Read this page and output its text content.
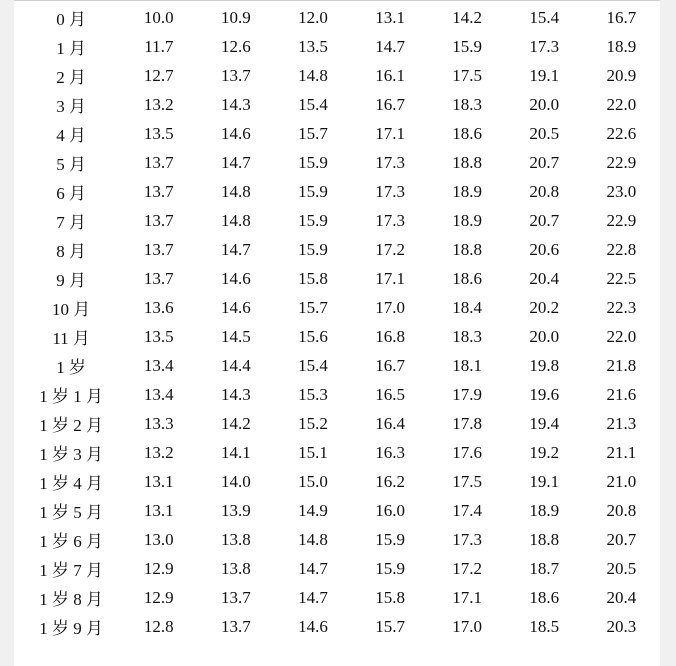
0 月	10.0	10.9	12.0	13.1	14.2	15.4	16.7
1 月	11.7	12.6	13.5	14.7	15.9	17.3	18.9
2 月	12.7	13.7	14.8	16.1	17.5	19.1	20.9
3 月	13.2	14.3	15.4	16.7	18.3	20.0	22.0
4 月	13.5	14.6	15.7	17.1	18.6	20.5	22.6
5 月	13.7	14.7	15.9	17.3	18.8	20.7	22.9
6 月	13.7	14.8	15.9	17.3	18.9	20.8	23.0
7 月	13.7	14.8	15.9	17.3	18.9	20.7	22.9
8 月	13.7	14.7	15.9	17.2	18.8	20.6	22.8
9 月	13.7	14.6	15.8	17.1	18.6	20.4	22.5
10 月	13.6	14.6	15.7	17.0	18.4	20.2	22.3
11 月	13.5	14.5	15.6	16.8	18.3	20.0	22.0
1 岁	13.4	14.4	15.4	16.7	18.1	19.8	21.8
1 岁 1 月	13.4	14.3	15.3	16.5	17.9	19.6	21.6
1 岁 2 月	13.3	14.2	15.2	16.4	17.8	19.4	21.3
1 岁 3 月	13.2	14.1	15.1	16.3	17.6	19.2	21.1
1 岁 4 月	13.1	14.0	15.0	16.2	17.5	19.1	21.0
1 岁 5 月	13.1	13.9	14.9	16.0	17.4	18.9	20.8
1 岁 6 月	13.0	13.8	14.8	15.9	17.3	18.8	20.7
1 岁 7 月	12.9	13.8	14.7	15.9	17.2	18.7	20.5
1 岁 8 月	12.9	13.7	14.7	15.8	17.1	18.6	20.4
1 岁 9 月	12.8	13.7	14.6	15.7	17.0	18.5	20.3
